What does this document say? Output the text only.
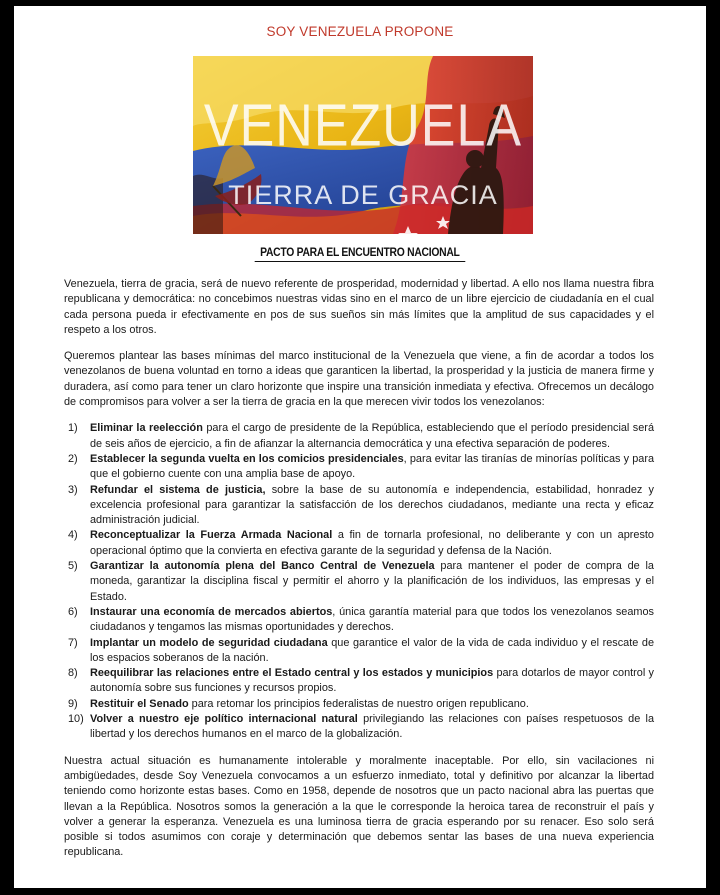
SOY VENEZUELA PROPONE
VENEZUELA
TIERRA DE GRACIA
PACTO PARA EL ENCUENTRO NACIONAL

Venezuela, tierra de gracia, será de nuevo referente de prosperidad, modernidad y libertad. A ello nos llama nuestra fibra republicana y democrática: no concebimos nuestras vidas sino en el marco de un libre ejercicio de ciudadanía en el cual cada persona pueda ir efectivamente en pos de sus sueños sin más límites que la amplitud de sus capacidades y el respeto a los otros.

Queremos plantear las bases mínimas del marco institucional de la Venezuela que viene, a fin de acordar a todos los venezolanos de buena voluntad en torno a ideas que garanticen la libertad, la prosperidad y la justicia de manera firme y duradera, así como para tener un claro horizonte que inspire una transición inmediata y efectiva. Ofrecemos un decálogo de compromisos para volver a ser la tierra de gracia en la que merecen vivir todos los venezolanos:

1) Eliminar la reelección para el cargo de presidente de la República, estableciendo que el período presidencial será de seis años de ejercicio, a fin de afianzar la alternancia democrática y una efectiva separación de poderes.
2) Establecer la segunda vuelta en los comicios presidenciales, para evitar las tiranías de minorías políticas y para que el gobierno cuente con una amplia base de apoyo.
3) Refundar el sistema de justicia, sobre la base de su autonomía e independencia, estabilidad, honradez y excelencia profesional para garantizar la satisfacción de los derechos ciudadanos, mediante una recta y eficaz administración judicial.
4) Reconceptualizar la Fuerza Armada Nacional a fin de tornarla profesional, no deliberante y con un apresto operacional óptimo que la convierta en efectiva garante de la seguridad y defensa de la Nación.
5) Garantizar la autonomía plena del Banco Central de Venezuela para mantener el poder de compra de la moneda, garantizar la disciplina fiscal y permitir el ahorro y la planificación de los individuos, las empresas y el Estado.
6) Instaurar una economía de mercados abiertos, única garantía material para que todos los venezolanos seamos ciudadanos y tengamos las mismas oportunidades y derechos.
7) Implantar un modelo de seguridad ciudadana que garantice el valor de la vida de cada individuo y el rescate de los espacios soberanos de la nación.
8) Reequilibrar las relaciones entre el Estado central y los estados y municipios para dotarlos de mayor control y autonomía sobre sus funciones y recursos propios.
9) Restituir el Senado para retomar los principios federalistas de nuestro origen republicano.
10) Volver a nuestro eje político internacional natural privilegiando las relaciones con países respetuosos de la libertad y los derechos humanos en el marco de la globalización.

Nuestra actual situación es humanamente intolerable y moralmente inaceptable. Por ello, sin vacilaciones ni ambigüedades, desde Soy Venezuela convocamos a un esfuerzo inmediato, total y definitivo por alcanzar la libertad teniendo como horizonte estas bases. Como en 1958, depende de nosotros que un pacto nacional abra las puertas que llevan a la República. Nosotros somos la generación a la que le corresponde la heroica tarea de reconstruir el país y volver a generar la esperanza. Venezuela es una luminosa tierra de gracia esperando por su renacer. Eso solo será posible si todos asumimos con coraje y determinación que debemos sentar las bases de una nueva experiencia republicana.
